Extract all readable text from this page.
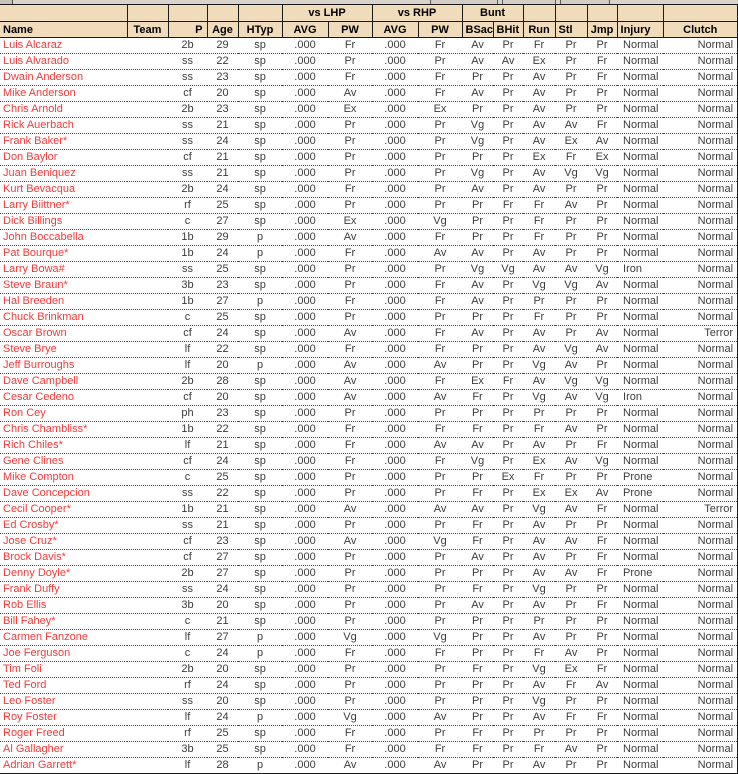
					vs LHP		vs RHP		Bunt						
Name	Team	P	Age	HTyp	AVG	PW	AVG	PW	BSac	BHit	Run	Stl	Jmp	Injury	Clutch
Luis Alcaraz		2b	29	sp	.000	Fr	.000	Fr	Av	Pr	Fr	Pr	Pr	Normal	Normal
Luis Alvarado		ss	22	sp	.000	Pr	.000	Pr	Av	Av	Ex	Pr	Fr	Normal	Normal
Dwain Anderson		ss	23	sp	.000	Fr	.000	Fr	Pr	Pr	Av	Pr	Fr	Normal	Normal
Mike Anderson		cf	20	sp	.000	Av	.000	Fr	Av	Pr	Av	Pr	Pr	Normal	Normal
Chris Arnold		2b	23	sp	.000	Ex	.000	Ex	Pr	Pr	Av	Pr	Pr	Normal	Normal
Rick Auerbach		ss	21	sp	.000	Pr	.000	Pr	Vg	Pr	Av	Av	Fr	Normal	Normal
Frank Baker*		ss	24	sp	.000	Pr	.000	Pr	Vg	Pr	Av	Ex	Av	Normal	Normal
Don Baylor		cf	21	sp	.000	Pr	.000	Pr	Pr	Pr	Ex	Fr	Ex	Normal	Normal
Juan Beniquez		ss	21	sp	.000	Pr	.000	Pr	Vg	Pr	Av	Vg	Vg	Normal	Normal
Kurt Bevacqua		2b	24	sp	.000	Fr	.000	Pr	Av	Pr	Av	Pr	Pr	Normal	Normal
Larry Biittner*		rf	25	sp	.000	Pr	.000	Pr	Pr	Fr	Fr	Av	Pr	Normal	Normal
Dick Billings		c	27	sp	.000	Ex	.000	Vg	Pr	Pr	Fr	Pr	Pr	Normal	Normal
John Boccabella		1b	29	p	.000	Av	.000	Fr	Pr	Pr	Fr	Pr	Pr	Normal	Normal
Pat Bourque*		1b	24	p	.000	Fr	.000	Av	Av	Pr	Av	Pr	Pr	Normal	Normal
Larry Bowa#		ss	25	sp	.000	Pr	.000	Pr	Vg	Vg	Av	Av	Vg	Iron	Normal
Steve Braun*		3b	23	sp	.000	Pr	.000	Fr	Av	Pr	Vg	Vg	Av	Normal	Normal
Hal Breeden		1b	27	p	.000	Fr	.000	Fr	Av	Pr	Pr	Pr	Pr	Normal	Normal
Chuck Brinkman		c	25	sp	.000	Pr	.000	Pr	Pr	Pr	Fr	Pr	Pr	Normal	Normal
Oscar Brown		cf	24	sp	.000	Av	.000	Fr	Av	Pr	Av	Pr	Av	Normal	Terror
Steve Brye		lf	22	sp	.000	Fr	.000	Fr	Pr	Pr	Av	Vg	Av	Normal	Normal
Jeff Burroughs		lf	20	p	.000	Av	.000	Av	Pr	Pr	Vg	Av	Pr	Normal	Normal
Dave Campbell		2b	28	sp	.000	Av	.000	Fr	Ex	Fr	Av	Vg	Vg	Normal	Normal
Cesar Cedeno		cf	20	sp	.000	Av	.000	Av	Fr	Pr	Vg	Av	Vg	Iron	Normal
Ron Cey		ph	23	sp	.000	Pr	.000	Pr	Pr	Pr	Pr	Pr	Pr	Normal	Normal
Chris Chambliss*		1b	22	sp	.000	Fr	.000	Fr	Fr	Pr	Fr	Av	Pr	Normal	Normal
Rich Chiles*		lf	21	sp	.000	Fr	.000	Av	Av	Pr	Av	Pr	Fr	Normal	Normal
Gene Clines		cf	24	sp	.000	Fr	.000	Fr	Vg	Pr	Ex	Av	Vg	Normal	Normal
Mike Compton		c	25	sp	.000	Pr	.000	Pr	Pr	Ex	Fr	Pr	Pr	Prone	Normal
Dave Concepcion		ss	22	sp	.000	Pr	.000	Pr	Fr	Pr	Ex	Ex	Av	Prone	Normal
Cecil Cooper*		1b	21	sp	.000	Av	.000	Av	Av	Pr	Vg	Av	Fr	Normal	Terror
Ed Crosby*		ss	21	sp	.000	Pr	.000	Pr	Fr	Pr	Av	Pr	Pr	Normal	Normal
Jose Cruz*		cf	23	sp	.000	Av	.000	Vg	Fr	Pr	Av	Av	Fr	Normal	Normal
Brock Davis*		cf	27	sp	.000	Pr	.000	Pr	Av	Pr	Av	Pr	Fr	Normal	Normal
Denny Doyle*		2b	27	sp	.000	Pr	.000	Pr	Pr	Pr	Av	Av	Fr	Prone	Normal
Frank Duffy		ss	24	sp	.000	Pr	.000	Pr	Fr	Pr	Vg	Pr	Pr	Normal	Normal
Rob Ellis		3b	20	sp	.000	Pr	.000	Pr	Av	Pr	Av	Pr	Fr	Normal	Normal
Bill Fahey*		c	21	sp	.000	Pr	.000	Pr	Pr	Pr	Pr	Pr	Pr	Normal	Normal
Carmen Fanzone		lf	27	p	.000	Vg	.000	Vg	Pr	Pr	Av	Pr	Pr	Normal	Normal
Joe Ferguson		c	24	p	.000	Fr	.000	Fr	Pr	Pr	Fr	Av	Pr	Normal	Normal
Tim Foli		2b	20	sp	.000	Pr	.000	Pr	Fr	Pr	Vg	Ex	Fr	Normal	Normal
Ted Ford		rf	24	sp	.000	Pr	.000	Pr	Pr	Pr	Av	Fr	Av	Normal	Normal
Leo Foster		ss	20	sp	.000	Pr	.000	Pr	Pr	Pr	Vg	Pr	Pr	Normal	Normal
Roy Foster		lf	24	p	.000	Vg	.000	Av	Pr	Pr	Av	Fr	Fr	Normal	Normal
Roger Freed		rf	25	sp	.000	Fr	.000	Pr	Fr	Pr	Pr	Pr	Pr	Normal	Normal
Al Gallagher		3b	25	sp	.000	Fr	.000	Fr	Fr	Pr	Fr	Av	Pr	Normal	Normal
Adrian Garrett*		lf	28	p	.000	Av	.000	Av	Pr	Pr	Av	Pr	Pr	Normal	Normal
